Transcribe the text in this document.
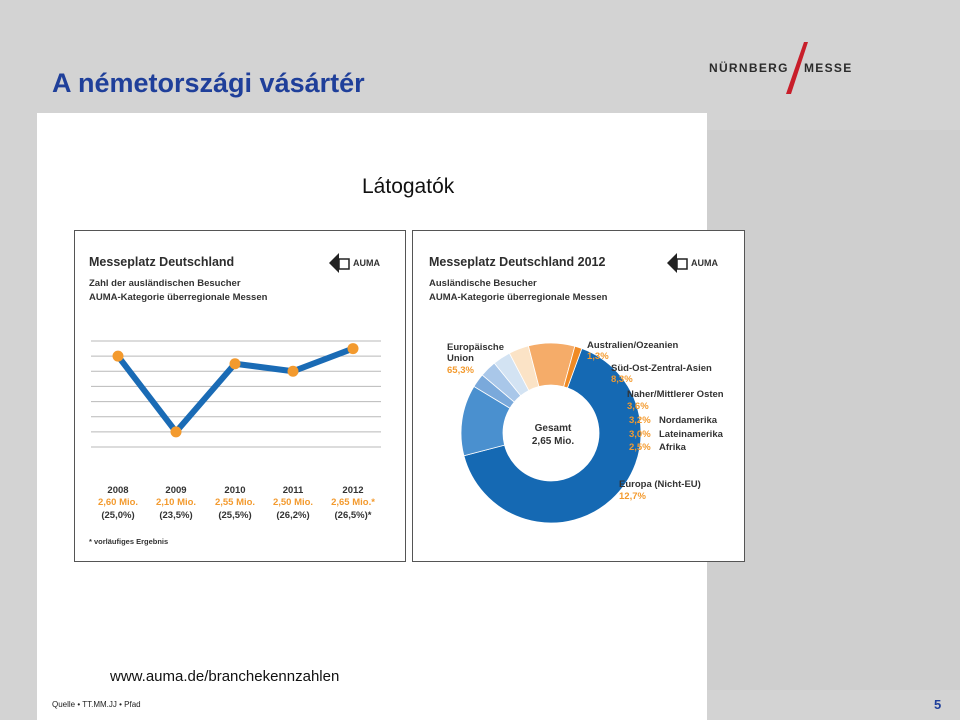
A németországi vásártér	NÜRNBERG MESSE
Látogatók
Messeplatz Deutschland
Zahl der ausländischen Besucher
AUMA-Kategorie überregionale Messen
AUMA
2008
2,60 Mio.
(25,0%)
2009
2,10 Mio.
(23,5%)
2010
2,55 Mio.
(25,5%)
2011
2,50 Mio.
(26,2%)
2012
2,65 Mio.*
(26,5%)*
* vorläufiges Ergebnis
Messeplatz Deutschland 2012
Ausländische Besucher
AUMA-Kategorie überregionale Messen
AUMA
Gesamt
2,65 Mio.
Europäische Union
65,3%
Europa (Nicht-EU)
12,7%
Afrika
2,5%
Lateinamerika
3,0%
Nordamerika
3,2%
Naher/Mittlerer Osten
3,6%
Süd-Ost-Zentral-Asien
8,3%
Australien/Ozeanien
1,3%
www.auma.de/branchekennzahlen
Quelle • TT.MM.JJ • Pfad	5
